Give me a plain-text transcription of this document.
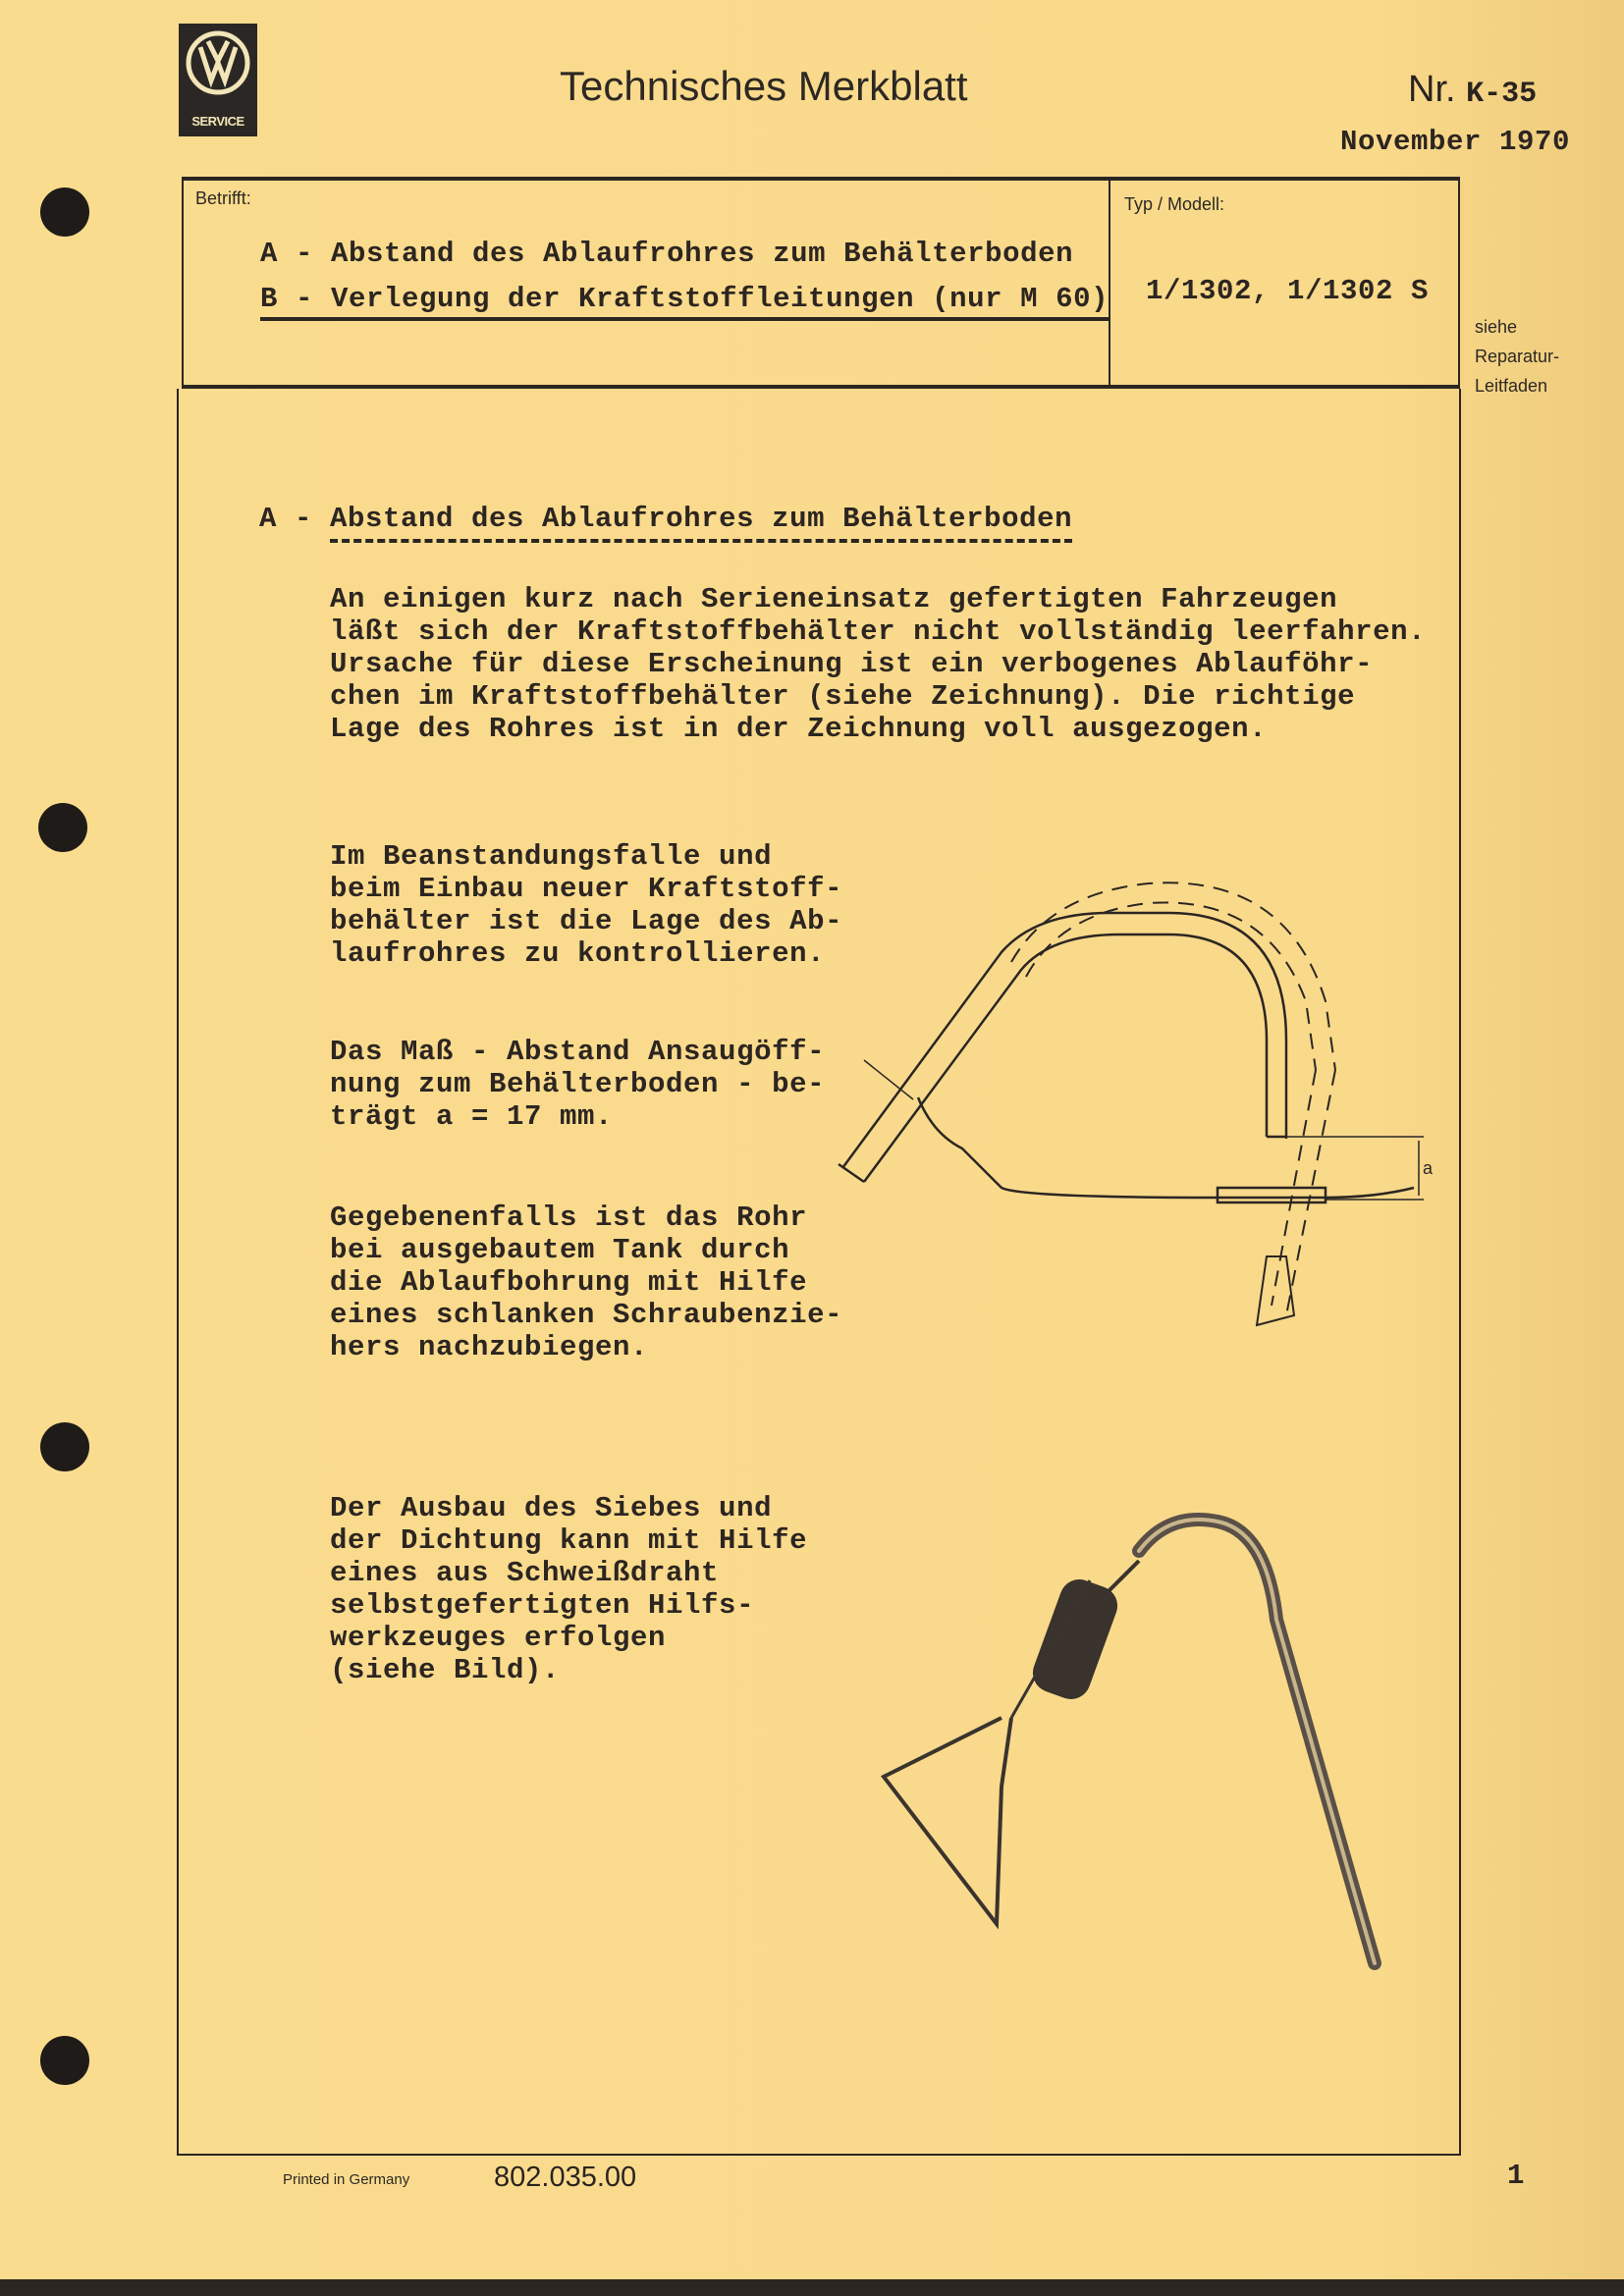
SERVICE
Technisches Merkblatt	Nr. K-35
November 1970
Betrifft:
A - Abstand des Ablaufrohres zum Behälterboden
B - Verlegung der Kraftstoffleitungen (nur M 60)
Typ / Modell:
1/1302, 1/1302 S
siehe
Reparatur-
Leitfaden
A - Abstand des Ablaufrohres zum Behälterboden
An einigen kurz nach Serieneinsatz gefertigten Fahrzeugen
läßt sich der Kraftstoffbehälter nicht vollständig leerfahren.
Ursache für diese Erscheinung ist ein verbogenes Ablauföhr-
chen im Kraftstoffbehälter (siehe Zeichnung). Die richtige
Lage des Rohres ist in der Zeichnung voll ausgezogen.
Im Beanstandungsfalle und
beim Einbau neuer Kraftstoff-
behälter ist die Lage des Ab-
laufrohres zu kontrollieren.
Das Maß - Abstand Ansaugöff-
nung zum Behälterboden - be-
trägt a = 17 mm.
Gegebenenfalls ist das Rohr
bei ausgebautem Tank durch
die Ablaufbohrung mit Hilfe
eines schlanken Schraubenzie-
hers nachzubiegen.
Der Ausbau des Siebes und
der Dichtung kann mit Hilfe
eines aus Schweißdraht
selbstgefertigten Hilfs-
werkzeuges erfolgen
(siehe Bild).
a
Printed in Germany	802.035.00	1
